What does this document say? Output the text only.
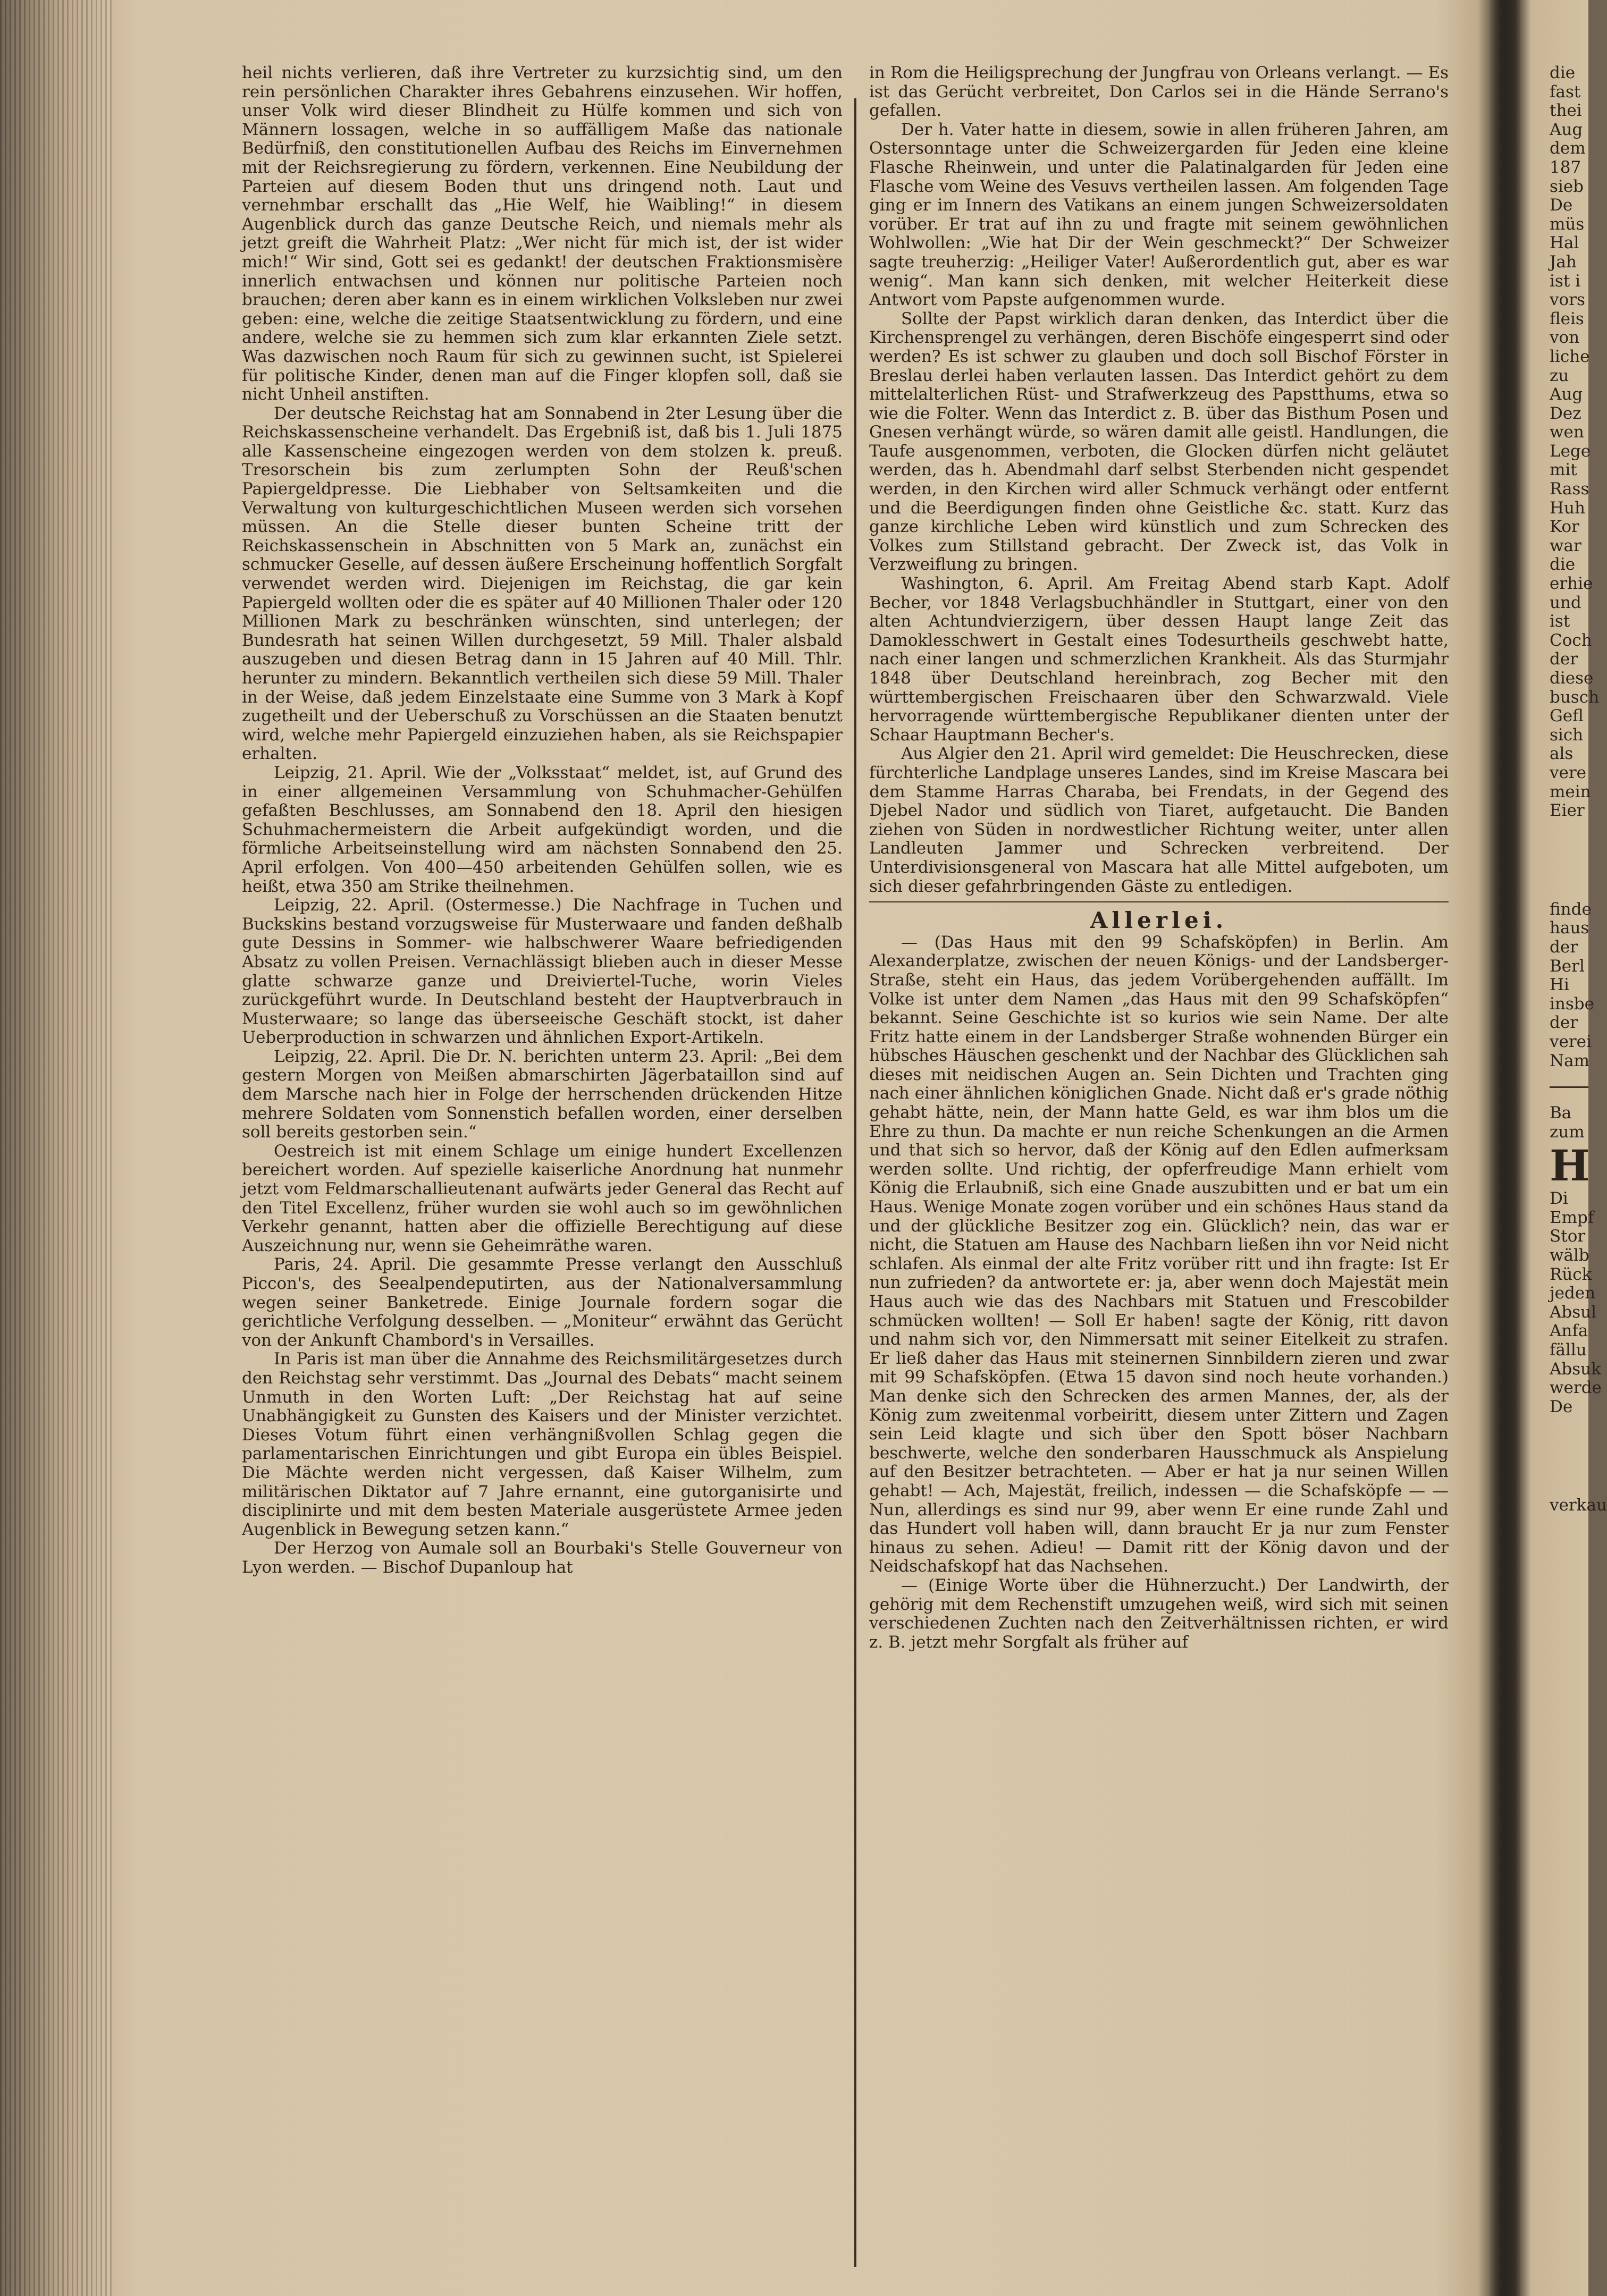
heil nichts verlieren, daß ihre Vertreter zu kurzsichtig sind, um den rein persönlichen Charakter ihres Gebahrens einzusehen. Wir hoffen, unser Volk wird dieser Blindheit zu Hülfe kommen und sich von Männern lossagen, welche in so auffälligem Maße das nationale Bedürfniß, den constitutionellen Aufbau des Reichs im Einvernehmen mit der Reichsregierung zu fördern, verkennen. Eine Neubildung der Parteien auf diesem Boden thut uns dringend noth. Laut und vernehmbar erschallt das „Hie Welf, hie Waibling!“ in diesem Augenblick durch das ganze Deutsche Reich, und niemals mehr als jetzt greift die Wahrheit Platz: „Wer nicht für mich ist, der ist wider mich!“ Wir sind, Gott sei es gedankt! der deutschen Fraktionsmisère innerlich entwachsen und können nur politische Parteien noch brauchen; deren aber kann es in einem wirklichen Volksleben nur zwei geben: eine, welche die zeitige Staatsentwicklung zu fördern, und eine andere, welche sie zu hemmen sich zum klar erkannten Ziele setzt. Was dazwischen noch Raum für sich zu gewinnen sucht, ist Spielerei für politische Kinder, denen man auf die Finger klopfen soll, daß sie nicht Unheil anstiften.

Der deutsche Reichstag hat am Sonnabend in 2ter Lesung über die Reichskassenscheine verhandelt. Das Ergebniß ist, daß bis 1. Juli 1875 alle Kassenscheine eingezogen werden von dem stolzen k. preuß. Tresorschein bis zum zerlumpten Sohn der Reuß'schen Papiergeldpresse. Die Liebhaber von Seltsamkeiten und die Verwaltung von kulturgeschichtlichen Museen werden sich vorsehen müssen. An die Stelle dieser bunten Scheine tritt der Reichskassenschein in Abschnitten von 5 Mark an, zunächst ein schmucker Geselle, auf dessen äußere Erscheinung hoffentlich Sorgfalt verwendet werden wird. Diejenigen im Reichstag, die gar kein Papiergeld wollten oder die es später auf 40 Millionen Thaler oder 120 Millionen Mark zu beschränken wünschten, sind unterlegen; der Bundesrath hat seinen Willen durchgesetzt, 59 Mill. Thaler alsbald auszugeben und diesen Betrag dann in 15 Jahren auf 40 Mill. Thlr. herunter zu mindern. Bekanntlich vertheilen sich diese 59 Mill. Thaler in der Weise, daß jedem Einzelstaate eine Summe von 3 Mark à Kopf zugetheilt und der Ueberschuß zu Vorschüssen an die Staaten benutzt wird, welche mehr Papiergeld einzuziehen haben, als sie Reichspapier erhalten.

Leipzig, 21. April. Wie der „Volksstaat“ meldet, ist, auf Grund des in einer allgemeinen Versammlung von Schuhmacher-Gehülfen gefaßten Beschlusses, am Sonnabend den 18. April den hiesigen Schuhmachermeistern die Arbeit aufgekündigt worden, und die förmliche Arbeitseinstellung wird am nächsten Sonnabend den 25. April erfolgen. Von 400—450 arbeitenden Gehülfen sollen, wie es heißt, etwa 350 am Strike theilnehmen.

Leipzig, 22. April. (Ostermesse.) Die Nachfrage in Tuchen und Buckskins bestand vorzugsweise für Musterwaare und fanden deßhalb gute Dessins in Sommer- wie halbschwerer Waare befriedigenden Absatz zu vollen Preisen. Vernachlässigt blieben auch in dieser Messe glatte schwarze ganze und Dreiviertel-Tuche, worin Vieles zurückgeführt wurde. In Deutschland besteht der Hauptverbrauch in Musterwaare; so lange das überseeische Geschäft stockt, ist daher Ueberproduction in schwarzen und ähnlichen Export-Artikeln.

Leipzig, 22. April. Die Dr. N. berichten unterm 23. April: „Bei dem gestern Morgen von Meißen abmarschirten Jägerbataillon sind auf dem Marsche nach hier in Folge der herrschenden drückenden Hitze mehrere Soldaten vom Sonnenstich befallen worden, einer derselben soll bereits gestorben sein.“

Oestreich ist mit einem Schlage um einige hundert Excellenzen bereichert worden. Auf spezielle kaiserliche Anordnung hat nunmehr jetzt vom Feldmarschallieutenant aufwärts jeder General das Recht auf den Titel Excellenz, früher wurden sie wohl auch so im gewöhnlichen Verkehr genannt, hatten aber die offizielle Berechtigung auf diese Auszeichnung nur, wenn sie Geheimräthe waren.

Paris, 24. April. Die gesammte Presse verlangt den Ausschluß Piccon's, des Seealpendeputirten, aus der Nationalversammlung wegen seiner Banketrede. Einige Journale fordern sogar die gerichtliche Verfolgung desselben. — „Moniteur“ erwähnt das Gerücht von der Ankunft Chambord's in Versailles.

In Paris ist man über die Annahme des Reichsmilitärgesetzes durch den Reichstag sehr verstimmt. Das „Journal des Debats“ macht seinem Unmuth in den Worten Luft: „Der Reichstag hat auf seine Unabhängigkeit zu Gunsten des Kaisers und der Minister verzichtet. Dieses Votum führt einen verhängnißvollen Schlag gegen die parlamentarischen Einrichtungen und gibt Europa ein übles Beispiel. Die Mächte werden nicht vergessen, daß Kaiser Wilhelm, zum militärischen Diktator auf 7 Jahre ernannt, eine gutorganisirte und disciplinirte und mit dem besten Materiale ausgerüstete Armee jeden Augenblick in Bewegung setzen kann.“

Der Herzog von Aumale soll an Bourbaki's Stelle Gouverneur von Lyon werden. — Bischof Dupanloup hat

in Rom die Heiligsprechung der Jungfrau von Orleans verlangt. — Es ist das Gerücht verbreitet, Don Carlos sei in die Hände Serrano's gefallen.

Der h. Vater hatte in diesem, sowie in allen früheren Jahren, am Ostersonntage unter die Schweizergarden für Jeden eine kleine Flasche Rheinwein, und unter die Palatinalgarden für Jeden eine Flasche vom Weine des Vesuvs vertheilen lassen. Am folgenden Tage ging er im Innern des Vatikans an einem jungen Schweizersoldaten vorüber. Er trat auf ihn zu und fragte mit seinem gewöhnlichen Wohlwollen: „Wie hat Dir der Wein geschmeckt?“ Der Schweizer sagte treuherzig: „Heiliger Vater! Außerordentlich gut, aber es war wenig“. Man kann sich denken, mit welcher Heiterkeit diese Antwort vom Papste aufgenommen wurde.

Sollte der Papst wirklich daran denken, das Interdict über die Kirchensprengel zu verhängen, deren Bischöfe eingesperrt sind oder werden? Es ist schwer zu glauben und doch soll Bischof Förster in Breslau derlei haben verlauten lassen. Das Interdict gehört zu dem mittelalterlichen Rüst- und Strafwerkzeug des Papstthums, etwa so wie die Folter. Wenn das Interdict z. B. über das Bisthum Posen und Gnesen verhängt würde, so wären damit alle geistl. Handlungen, die Taufe ausgenommen, verboten, die Glocken dürfen nicht geläutet werden, das h. Abendmahl darf selbst Sterbenden nicht gespendet werden, in den Kirchen wird aller Schmuck verhängt oder entfernt und die Beerdigungen finden ohne Geistliche &c. statt. Kurz das ganze kirchliche Leben wird künstlich und zum Schrecken des Volkes zum Stillstand gebracht. Der Zweck ist, das Volk in Verzweiflung zu bringen.

Washington, 6. April. Am Freitag Abend starb Kapt. Adolf Becher, vor 1848 Verlagsbuchhändler in Stuttgart, einer von den alten Achtundvierzigern, über dessen Haupt lange Zeit das Damoklesschwert in Gestalt eines Todesurtheils geschwebt hatte, nach einer langen und schmerzlichen Krankheit. Als das Sturmjahr 1848 über Deutschland hereinbrach, zog Becher mit den württembergischen Freischaaren über den Schwarzwald. Viele hervorragende württembergische Republikaner dienten unter der Schaar Hauptmann Becher's.

Aus Algier den 21. April wird gemeldet: Die Heuschrecken, diese fürchterliche Landplage unseres Landes, sind im Kreise Mascara bei dem Stamme Harras Charaba, bei Frendats, in der Gegend des Djebel Nador und südlich von Tiaret, aufgetaucht. Die Banden ziehen von Süden in nordwestlicher Richtung weiter, unter allen Landleuten Jammer und Schrecken verbreitend. Der Unterdivisionsgeneral von Mascara hat alle Mittel aufgeboten, um sich dieser gefahrbringenden Gäste zu entledigen.

Allerlei.

— (Das Haus mit den 99 Schafsköpfen) in Berlin. Am Alexanderplatze, zwischen der neuen Königs- und der Landsberger-Straße, steht ein Haus, das jedem Vorübergehenden auffällt. Im Volke ist unter dem Namen „das Haus mit den 99 Schafsköpfen“ bekannt. Seine Geschichte ist so kurios wie sein Name. Der alte Fritz hatte einem in der Landsberger Straße wohnenden Bürger ein hübsches Häuschen geschenkt und der Nachbar des Glücklichen sah dieses mit neidischen Augen an. Sein Dichten und Trachten ging nach einer ähnlichen königlichen Gnade. Nicht daß er's grade nöthig gehabt hätte, nein, der Mann hatte Geld, es war ihm blos um die Ehre zu thun. Da machte er nun reiche Schenkungen an die Armen und that sich so hervor, daß der König auf den Edlen aufmerksam werden sollte. Und richtig, der opferfreudige Mann erhielt vom König die Erlaubniß, sich eine Gnade auszubitten und er bat um ein Haus. Wenige Monate zogen vorüber und ein schönes Haus stand da und der glückliche Besitzer zog ein. Glücklich? nein, das war er nicht, die Statuen am Hause des Nachbarn ließen ihn vor Neid nicht schlafen. Als einmal der alte Fritz vorüber ritt und ihn fragte: Ist Er nun zufrieden? da antwortete er: ja, aber wenn doch Majestät mein Haus auch wie das des Nachbars mit Statuen und Frescobilder schmücken wollten! — Soll Er haben! sagte der König, ritt davon und nahm sich vor, den Nimmersatt mit seiner Eitelkeit zu strafen. Er ließ daher das Haus mit steinernen Sinnbildern zieren und zwar mit 99 Schafsköpfen. (Etwa 15 davon sind noch heute vorhanden.) Man denke sich den Schrecken des armen Mannes, der, als der König zum zweitenmal vorbeiritt, diesem unter Zittern und Zagen sein Leid klagte und sich über den Spott böser Nachbarn beschwerte, welche den sonderbaren Hausschmuck als Anspielung auf den Besitzer betrachteten. — Aber er hat ja nur seinen Willen gehabt! — Ach, Majestät, freilich, indessen — die Schafsköpfe — — Nun, allerdings es sind nur 99, aber wenn Er eine runde Zahl und das Hundert voll haben will, dann braucht Er ja nur zum Fenster hinaus zu sehen. Adieu! — Damit ritt der König davon und der Neidschafskopf hat das Nachsehen.

— (Einige Worte über die Hühnerzucht.) Der Landwirth, der gehörig mit dem Rechenstift umzugehen weiß, wird sich mit seinen verschiedenen Zuchten nach den Zeitverhältnissen richten, er wird z. B. jetzt mehr Sorgfalt als früher auf

die
fast
thei
Aug
dem
187
sieb
De
müs
Hal
Jah
ist i
vors
fleis
von
liche
zu
Aug
Dez
wen
Lege
mit
Rass
Huh
Kor
war
die
erhie
und
ist
Coch
der
diese
busch
Gefl
sich
als
vere
mein
Eier
finde
haus
der
Berl
Hi
insbe
der
verei
Nam
Ba
zum
H
Di
Empf
Stor
wälb
Rück
jeden
Absul
Anfa
fällu
Absuk
werde
De
verkau
